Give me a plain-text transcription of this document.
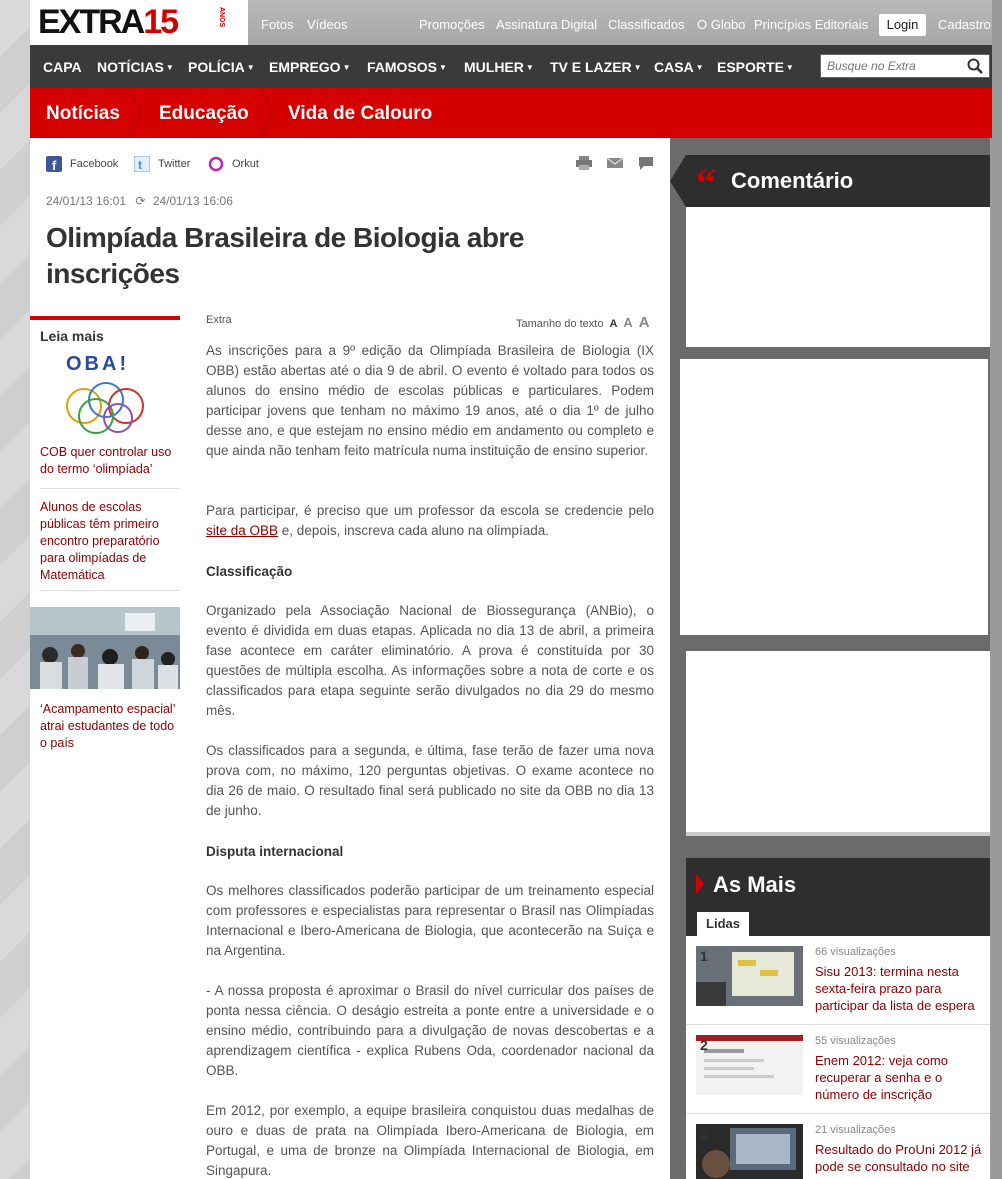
EXTRA15	ANOS	Fotos Vídeos	Promoções Assinatura Digital Classificados O Globo Princípios Editoriais	Login	Cadastro
CAPA NOTÍCIAS ▼ POLÍCIA ▼ EMPREGO ▼ FAMOSOS ▼ MULHER ▼ TV E LAZER ▼ CASA ▼ ESPORTE ▼
Busque no Extra
Notícias Educação Vida de Calouro
f Facebook t Twitter	Orkut
24/01/13 16:01 ⟳ 24/01/13 16:06
Olimpíada Brasileira de Biologia abre inscrições
Leia mais
OBA!
COB quer controlar uso do termo ‘olimpíada’
Alunos de escolas públicas têm primeiro encontro preparatório para olimpíadas de Matemática
‘Acampamento espacial’ atrai estudantes de todo o país
Extra	Tamanho do texto A A A

As inscrições para a 9º edição da Olimpíada Brasileira de Biologia (IX OBB) estão abertas até o dia 9 de abril. O evento é voltado para todos os alunos do ensino médio de escolas públicas e particulares. Podem participar jovens que tenham no máximo 19 anos, até o dia 1º de julho desse ano, e que estejam no ensino médio em andamento ou completo e que ainda não tenham feito matrícula numa instituição de ensino superior.

Para participar, é preciso que um professor da escola se credencie pelo site da OBB e, depois, inscreva cada aluno na olimpíada.

Classificação

Organizado pela Associação Nacional de Biossegurança (ANBio), o evento é dividida em duas etapas. Aplicada no dia 13 de abril, a primeira fase acontece em caráter eliminatório. A prova é constituída por 30 questões de múltipla escolha. As informações sobre a nota de corte e os classificados para etapa seguinte serão divulgados no dia 29 do mesmo mês.

Os classificados para a segunda, e última, fase terão de fazer uma nova prova com, no máximo, 120 perguntas objetivas. O exame acontece no dia 26 de maio. O resultado final será publicado no site da OBB no dia 13 de junho.

Disputa internacional

Os melhores classificados poderão participar de um treinamento especial com professores e especialistas para representar o Brasil nas Olimpíadas Internacional e Ibero-Americana de Biologia, que acontecerão na Suíça e na Argentina.

- A nossa proposta é aproximar o Brasil do nível curricular dos países de ponta nessa ciência. O deságio estreita a ponte entre a universidade e o ensino médio, contribuindo para a divulgação de novas descobertas e a aprendizagem científica - explica Rubens Oda, coordenador nacional da OBB.

Em 2012, por exemplo, a equipe brasileira conquistou duas medalhas de ouro e duas de prata na Olimpíada Ibero-Americana de Biologia, em Portugal, e uma de bronze na Olimpíada Internacional de Biologia, em Singapura.

“ Comentário
As Mais
Lidas
1	66 visualizações
Sisu 2013: termina nesta sexta-feira prazo para participar da lista de espera
2	55 visualizações
Enem 2012: veja como recuperar a senha e o número de inscrição
3	21 visualizações
Resultado do ProUni 2012 já pode se consultado no site
